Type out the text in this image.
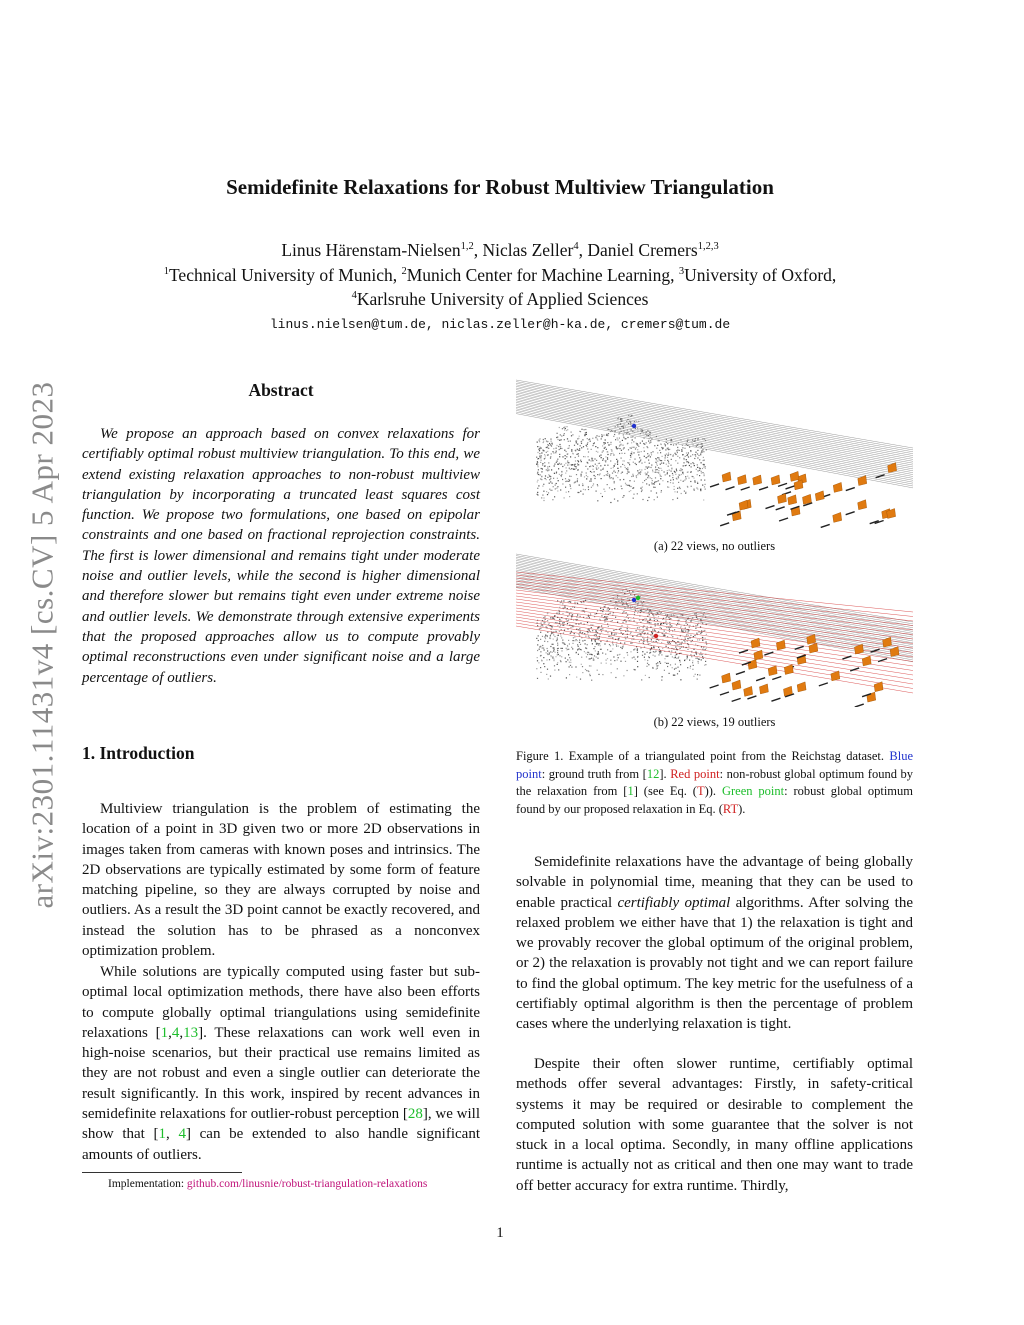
arXiv:2301.11431v4 [cs.CV] 5 Apr 2023
Semidefinite Relaxations for Robust Multiview Triangulation
Linus Härenstam-Nielsen$^{1,2}$, Niclas Zeller$^4$, Daniel Cremers$^{1,2,3}$
$^1$Technical University of Munich, $^2$Munich Center for Machine Learning, $^3$University of Oxford,
$^4$Karlsruhe University of Applied Sciences
linus.nielsen@tum.de, niclas.zeller@h-ka.de, cremers@tum.de
Abstract

We propose an approach based on convex relaxations for certifiably optimal robust multiview triangulation. To this end, we extend existing relaxation approaches to non-robust multiview triangulation by incorporating a truncated least squares cost function. We propose two formulations, one based on epipolar constraints and one based on fractional reprojection constraints. The first is lower dimensional and remains tight under moderate noise and outlier levels, while the second is higher dimensional and therefore slower but remains tight even under extreme noise and outlier levels. We demonstrate through extensive experiments that the proposed approaches allow us to compute provably optimal reconstructions even under significant noise and a large percentage of outliers.

1. Introduction

Multiview triangulation is the problem of estimating the location of a point in 3D given two or more 2D observations in images taken from cameras with known poses and intrinsics. The 2D observations are typically estimated by some form of feature matching pipeline, so they are always corrupted by noise and outliers. As a result the 3D point cannot be exactly recovered, and instead the solution has to be phrased as a nonconvex optimization problem.

While solutions are typically computed using faster but sub-optimal local optimization methods, there have also been efforts to compute globally optimal triangulations using semidefinite relaxations [1,4,13]. These relaxations can work well even in high-noise scenarios, but their practical use remains limited as they are not robust and even a single outlier can deteriorate the result significantly. In this work, inspired by recent advances in semidefinite relaxations for outlier-robust perception [28], we will show that [1, 4] can be extended to also handle significant amounts of outliers.

Implementation: github.com/linusnie/robust-triangulation-relaxations
(a) 22 views, no outliers
(b) 22 views, 19 outliers
Figure 1. Example of a triangulated point from the Reichstag dataset. Blue point: ground truth from [12]. Red point: non-robust global optimum found by the relaxation from [1] (see Eq. (T)). Green point: robust global optimum found by our proposed relaxation in Eq. (RT).

Semidefinite relaxations have the advantage of being globally solvable in polynomial time, meaning that they can be used to enable practical certifiably optimal algorithms. After solving the relaxed problem we either have that 1) the relaxation is tight and we provably recover the global optimum of the original problem, or 2) the relaxation is provably not tight and we can report failure to find the global optimum. The key metric for the usefulness of a certifiably optimal algorithm is then the percentage of problem cases where the underlying relaxation is tight.

Despite their often slower runtime, certifiably optimal methods offer several advantages: Firstly, in safety-critical systems it may be required or desirable to complement the computed solution with some guarantee that the solver is not stuck in a local optima. Secondly, in many offline applications runtime is actually not as critical and then one may want to trade off better accuracy for extra runtime. Thirdly,

1
